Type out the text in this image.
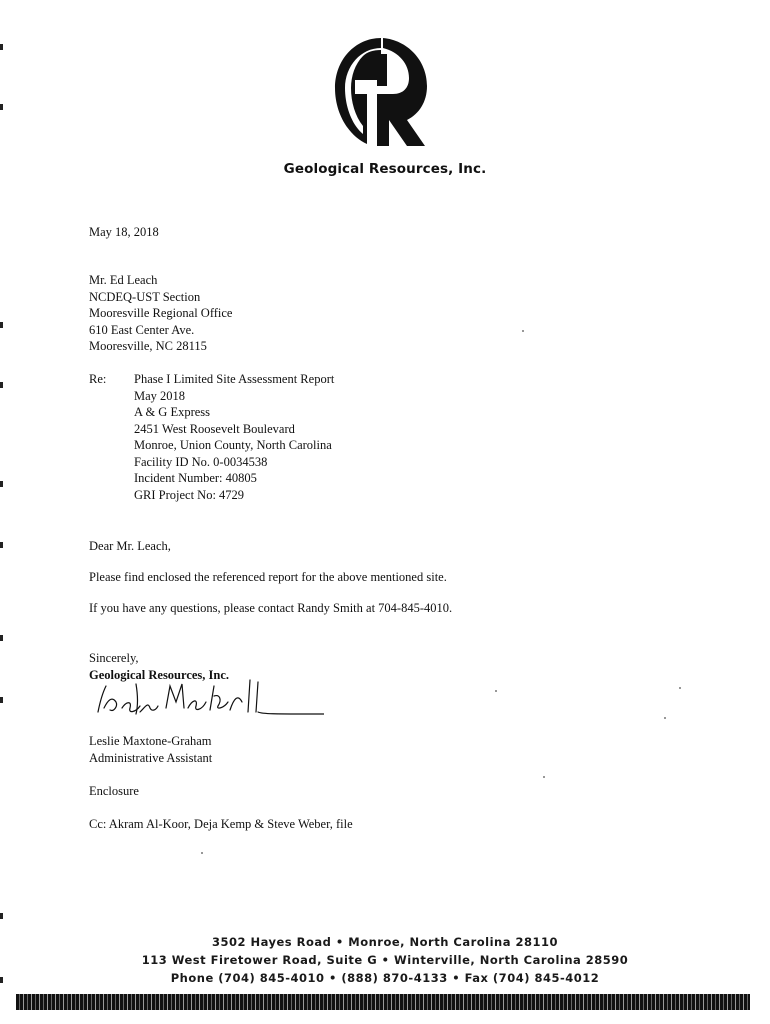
Geological Resources, Inc.
May 18, 2018
Mr. Ed Leach
NCDEQ-UST Section
Mooresville Regional Office
610 East Center Ave.
Mooresville, NC 28115
Re: Phase I Limited Site Assessment Report
May 2018
A & G Express
2451 West Roosevelt Boulevard
Monroe, Union County, North Carolina
Facility ID No. 0-0034538
Incident Number: 40805
GRI Project No: 4729
Dear Mr. Leach,
Please find enclosed the referenced report for the above mentioned site.
If you have any questions, please contact Randy Smith at 704-845-4010.
Sincerely,
Geological Resources, Inc.
Leslie Maxtone-Graham
Administrative Assistant
Enclosure
Cc: Akram Al-Koor, Deja Kemp & Steve Weber, file
3502 Hayes Road • Monroe, North Carolina 28110
113 West Firetower Road, Suite G • Winterville, North Carolina 28590
Phone (704) 845-4010 • (888) 870-4133 • Fax (704) 845-4012
